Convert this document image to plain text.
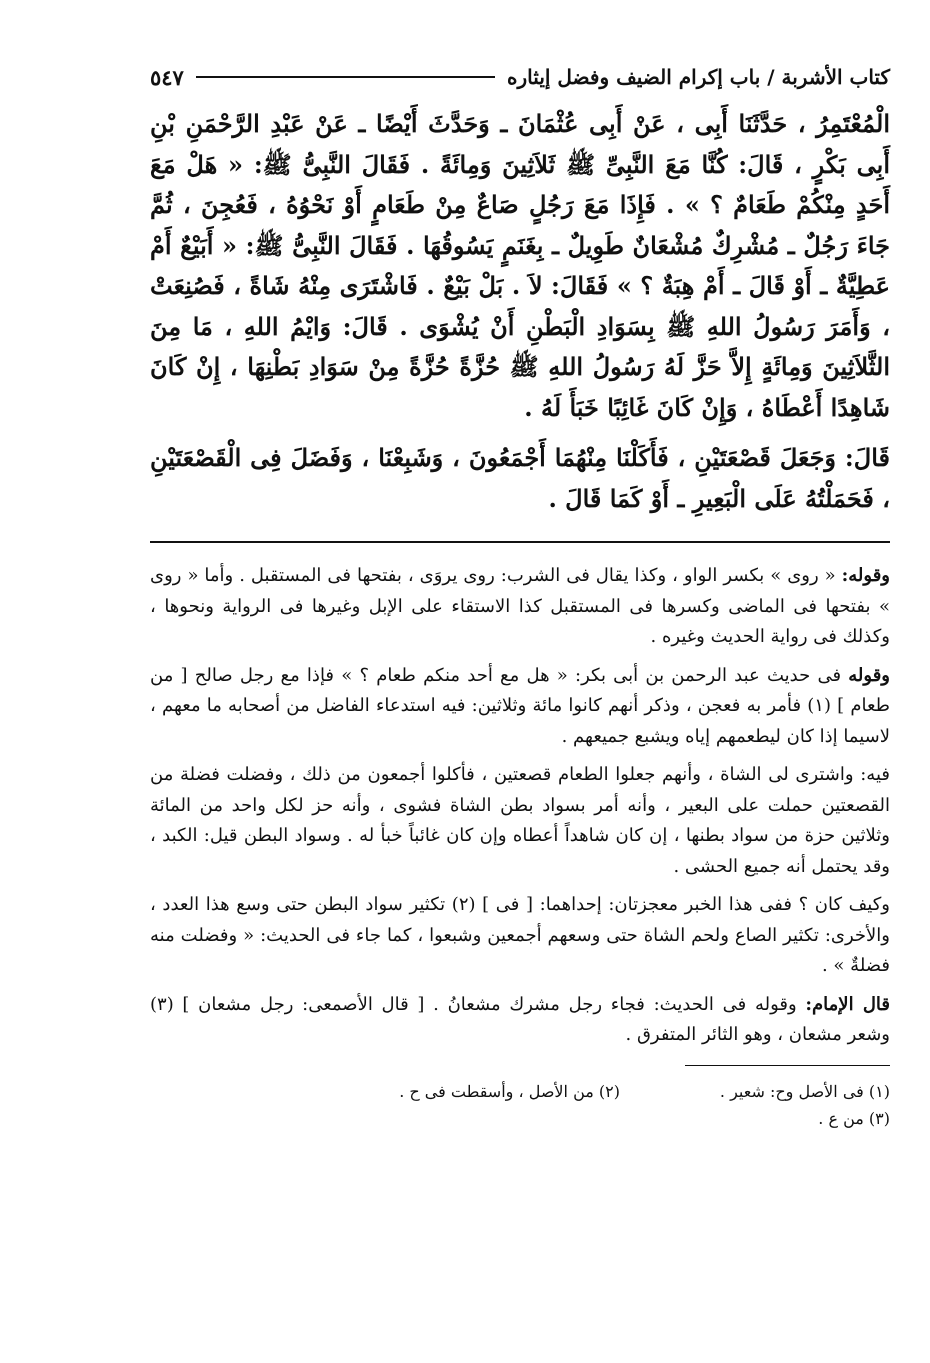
كتاب الأشربة / باب إكرام الضيف وفضل إيثاره
٥٤٧

الْمُعْتَمِرُ ، حَدَّثَنَا أَبِى ، عَنْ أَبِى عُثْمَانَ ـ وَحَدَّثَ أَيْضًا ـ عَنْ عَبْدِ الرَّحْمَنِ بْنِ أَبِى بَكْرٍ ، قَالَ: كُنَّا مَعَ النَّبِىِّ ﷺ ثَلاَثِينَ وَمِائَةً . فَقَالَ النَّبِىُّ ﷺ: « هَلْ مَعَ أَحَدٍ مِنْكُمْ طَعَامٌ ؟ » . فَإِذَا مَعَ رَجُلٍ صَاعٌ مِنْ طَعَامٍ أَوْ نَحْوُهُ ، فَعُجِنَ ، ثُمَّ جَاءَ رَجُلٌ ـ مُشْرِكٌ مُشْعَانٌ طَوِيلٌ ـ بِغَنَمٍ يَسُوقُهَا . فَقَالَ النَّبِىُّ ﷺ: « أَبَيْعٌ أَمْ عَطِيَّةٌ ـ أَوْ قَالَ ـ أَمْ هِبَةٌ ؟ » فَقَالَ: لاَ . بَلْ بَيْعٌ . فَاشْتَرَى مِنْهُ شَاةً ، فَصُنِعَتْ ، وَأَمَرَ رَسُولُ اللهِ ﷺ بِسَوَادِ الْبَطْنِ أَنْ يُشْوَى . قَالَ: وَايْمُ اللهِ ، مَا مِنَ الثَّلاَثِينَ وَمِائَةٍ إِلاَّ حَزَّ لَهُ رَسُولُ اللهِ ﷺ حُزَّةً حُزَّةً مِنْ سَوَادِ بَطْنِهَا ، إِنْ كَانَ شَاهِدًا أَعْطَاهُ ، وَإِنْ كَانَ غَائِبًا خَبَأَ لَهُ .

قَالَ: وَجَعَلَ قَصْعَتَيْنِ ، فَأَكَلْنَا مِنْهُمَا أَجْمَعُونَ ، وَشَبِعْنَا ، وَفَضَلَ فِى الْقَصْعَتَيْنِ ، فَحَمَلْتُهُ عَلَى الْبَعِيرِ ـ أَوْ كَمَا قَالَ .

وقوله: « روى » بكسر الواو ، وكذا يقال فى الشرب: روى يروَى ، بفتحها فى المستقبل . وأما « روى » بفتحها فى الماضى وكسرها فى المستقبل كذا الاستقاء على الإبل وغيرها فى الرواية ونحوها ، وكذلك فى رواية الحديث وغيره .

وقوله فى حديث عبد الرحمن بن أبى بكر: « هل مع أحد منكم طعام ؟ » فإذا مع رجل صالح [ من طعام ] (١) فأمر به فعجن ، وذكر أنهم كانوا مائة وثلاثين: فيه استدعاء الفاضل من أصحابه ما معهم ، لاسيما إذا كان ليطعمهم إياه ويشبع جميعهم .

فيه: واشترى لى الشاة ، وأنهم جعلوا الطعام قصعتين ، فأكلوا أجمعون من ذلك ، وفضلت فضلة من القصعتين حملت على البعير ، وأنه أمر بسواد بطن الشاة فشوى ، وأنه حز لكل واحد من المائة وثلاثين حزة من سواد بطنها ، إن كان شاهداً أعطاه وإن كان غائباً خبأ له . وسواد البطن قيل: الكبد ، وقد يحتمل أنه جميع الحشى .

وكيف كان ؟ ففى هذا الخبر معجزتان: إحداهما: [ فى ] (٢) تكثير سواد البطن حتى وسع هذا العدد ، والأخرى: تكثير الصاع ولحم الشاة حتى وسعهم أجمعين وشبعوا ، كما جاء فى الحديث: « وفضلت منه فضلةٌ » .

قال الإمام: وقوله فى الحديث: فجاء رجل مشرك مشعانُ . [ قال الأصمعى: رجل مشعان ] (٣) وشعر مشعان ، وهو الثائر المتفرق .

(١) فى الأصل وح: شعير .
(٢) من الأصل ، وأسقطت فى ح .
(٣) من ع .
